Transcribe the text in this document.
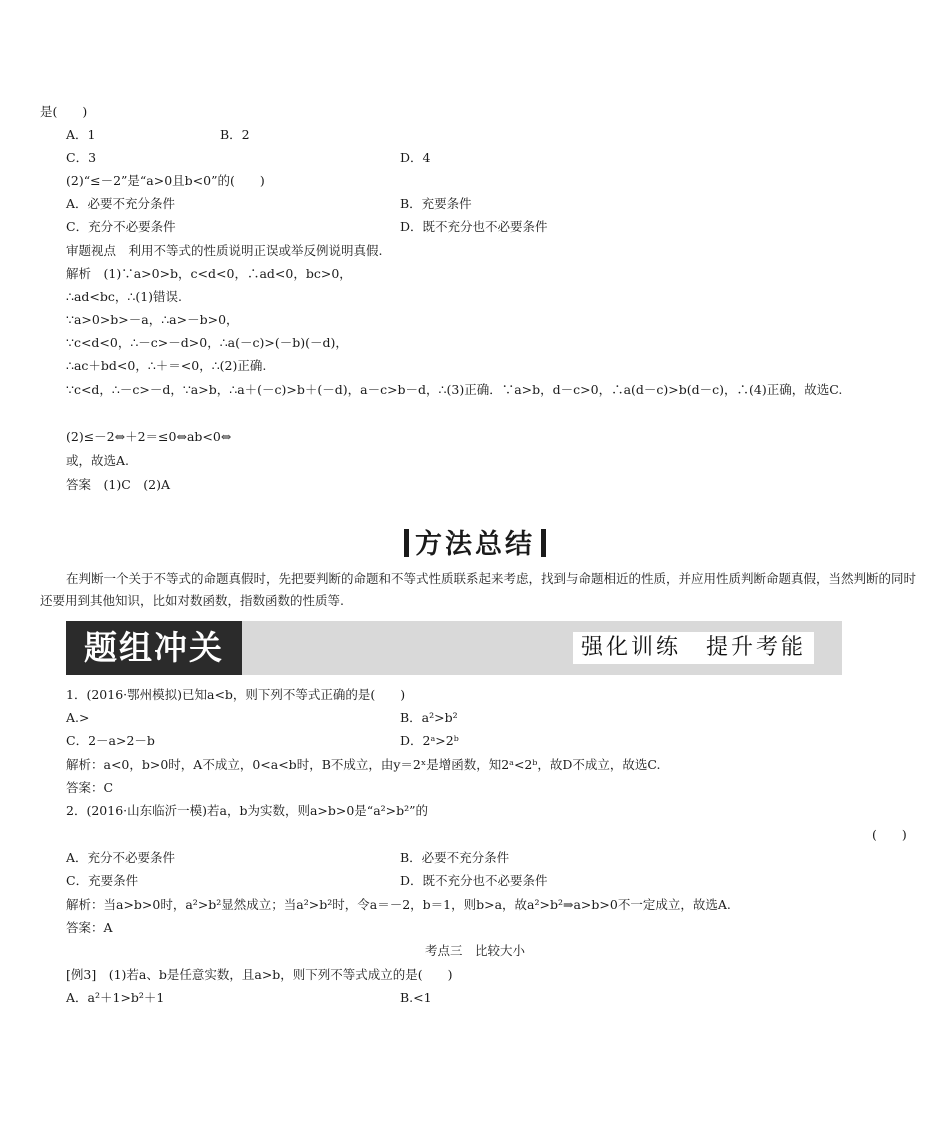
是(　　)
A．1	B．2
C．3	D．4
(2)“≤－2”是“a>0且b<0”的(　　)
A．必要不充分条件	B．充要条件
C．充分不必要条件	D．既不充分也不必要条件
审题视点　利用不等式的性质说明正误或举反例说明真假.
解析　(1)∵a>0>b，c<d<0，∴ad<0，bc>0，
∴ad<bc，∴(1)错误.
∵a>0>b>－a，∴a>－b>0，
∵c<d<0，∴－c>－d>0，∴a(－c)>(－b)(－d)，
∴ac＋bd<0，∴＋＝<0，∴(2)正确.
∵c<d，∴－c>－d，∵a>b，∴a＋(－c)>b＋(－d)，a－c>b－d，∴(3)正确．∵a>b，d－c>0，∴a(d－c)>b(d－c)，∴(4)正确，故选C.
(2)≤－2⇔＋2＝≤0⇔ab<0⇔
或，故选A.
答案　(1)C　(2)A
方法总结
在判断一个关于不等式的命题真假时，先把要判断的命题和不等式性质联系起来考虑，找到与命题相近的性质，并应用性质判断命题真假，当然判断的同时还要用到其他知识，比如对数函数，指数函数的性质等.
题组冲关	强化训练　提升考能
1．(2016·鄂州模拟)已知a<b，则下列不等式正确的是(　　)
A.>	B．a²>b²
C．2－a>2－b	D．2ᵃ>2ᵇ
解析：a<0，b>0时，A不成立，0<a<b时，B不成立，由y＝2ˣ是增函数，知2ᵃ<2ᵇ，故D不成立，故选C.
答案：C
2．(2016·山东临沂一模)若a，b为实数，则a>b>0是“a²>b²”的
(　　)
A．充分不必要条件	B．必要不充分条件
C．充要条件	D．既不充分也不必要条件
解析：当a>b>0时，a²>b²显然成立；当a²>b²时，令a＝－2，b＝1，则b>a，故a²>b²⇒a>b>0不一定成立，故选A.
答案：A
考点三　比较大小
[例3]　(1)若a、b是任意实数，且a>b，则下列不等式成立的是(　　)
A．a²＋1>b²＋1	B.<1
